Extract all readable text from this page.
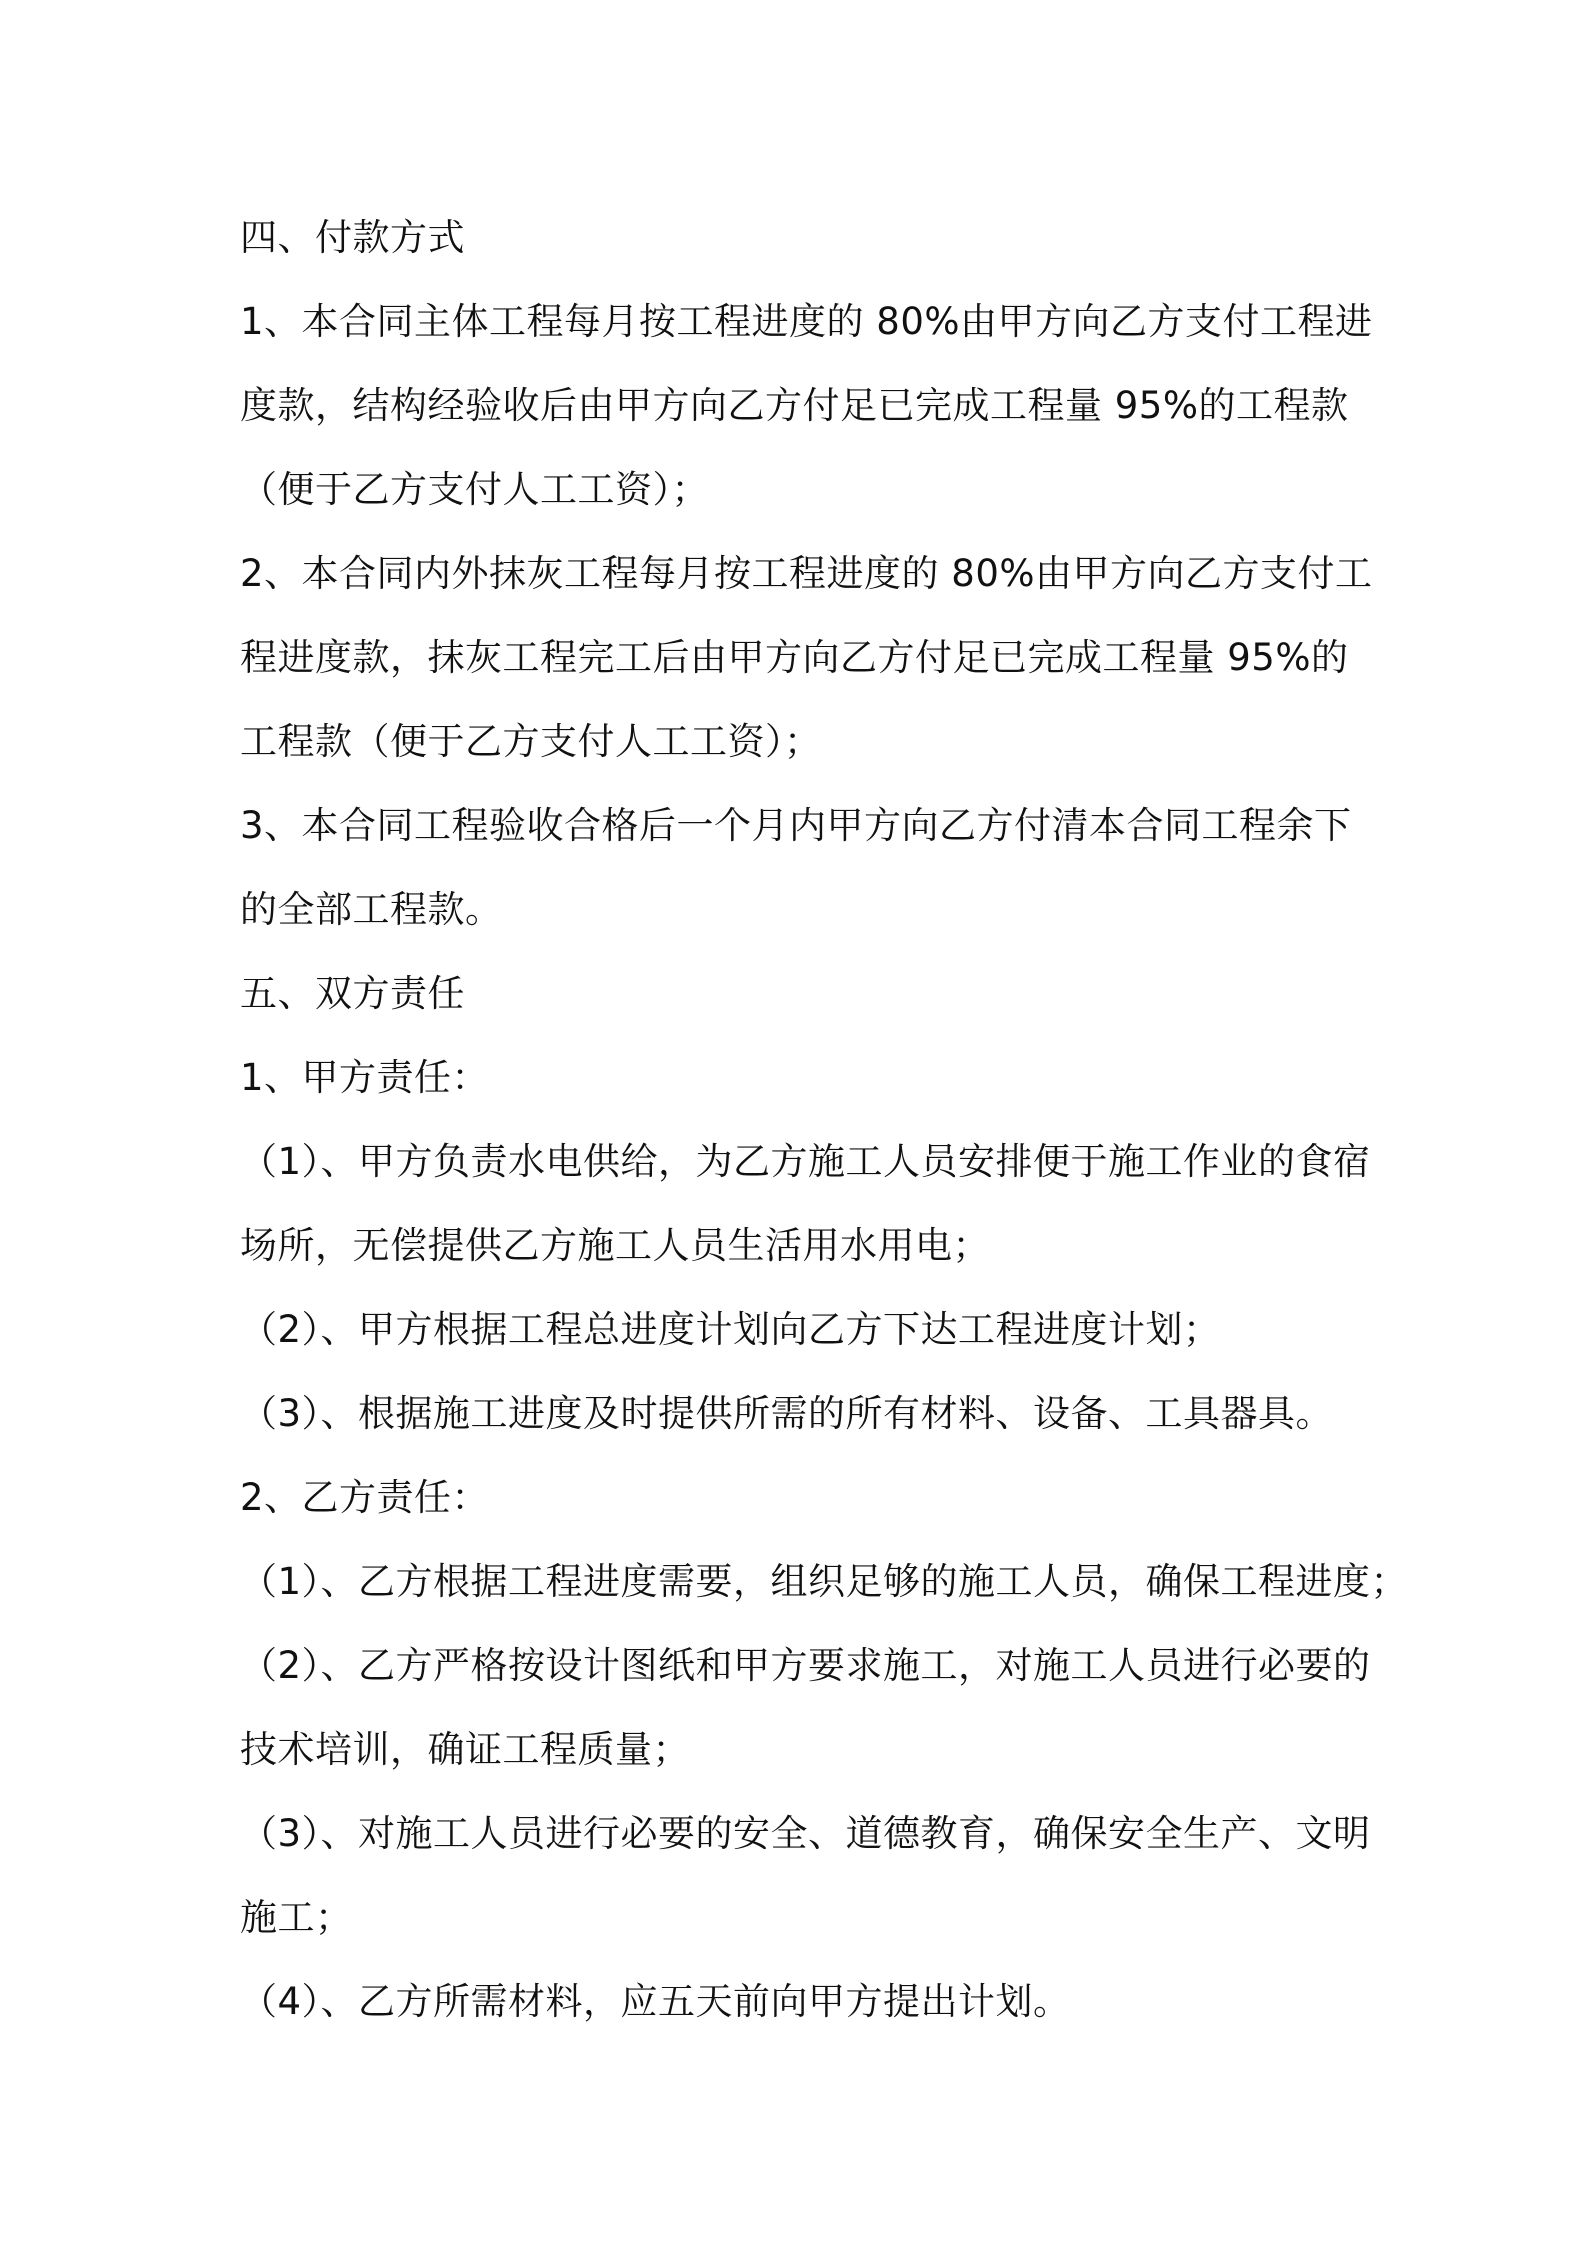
四、付款方式
1、本合同主体工程每月按工程进度的 80%由甲方向乙方支付工程进
度款，结构经验收后由甲方向乙方付足已完成工程量 95%的工程款
（便于乙方支付人工工资）；
2、本合同内外抹灰工程每月按工程进度的 80%由甲方向乙方支付工
程进度款，抹灰工程完工后由甲方向乙方付足已完成工程量 95%的
工程款（便于乙方支付人工工资）；
3、本合同工程验收合格后一个月内甲方向乙方付清本合同工程余下
的全部工程款。
五、双方责任
1、甲方责任：
（1）、甲方负责水电供给，为乙方施工人员安排便于施工作业的食宿
场所，无偿提供乙方施工人员生活用水用电；
（2）、甲方根据工程总进度计划向乙方下达工程进度计划；
（3）、根据施工进度及时提供所需的所有材料、设备、工具器具。
2、乙方责任：
（1）、乙方根据工程进度需要，组织足够的施工人员，确保工程进度；
（2）、乙方严格按设计图纸和甲方要求施工，对施工人员进行必要的
技术培训，确证工程质量；
（3）、对施工人员进行必要的安全、道德教育，确保安全生产、文明
施工；
（4）、乙方所需材料，应五天前向甲方提出计划。
